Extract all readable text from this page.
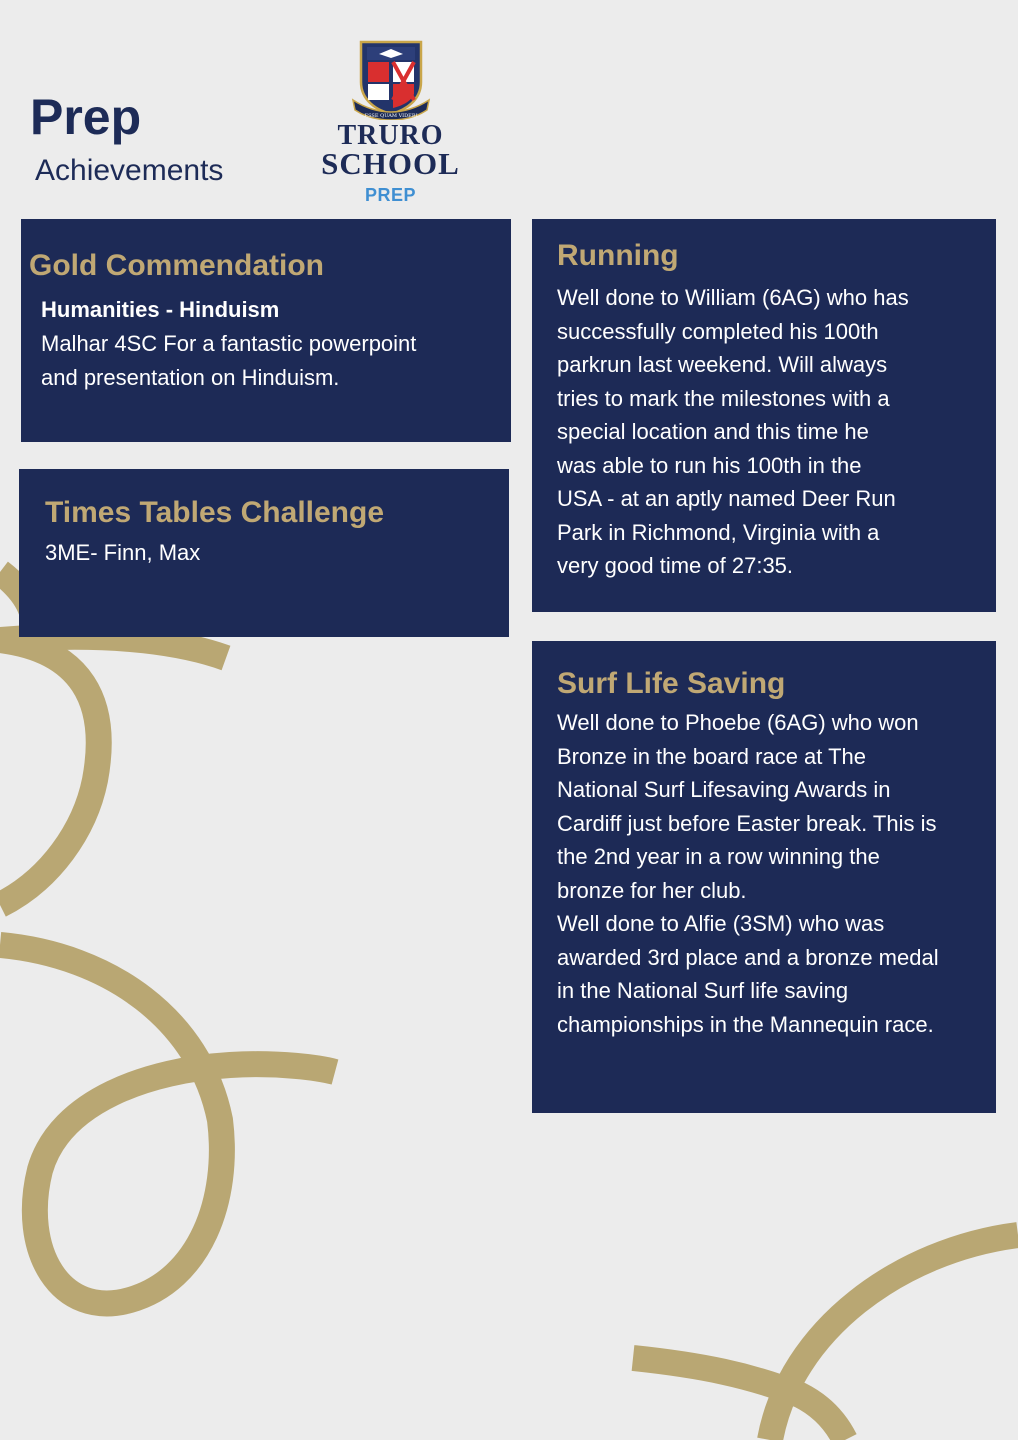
Prep
Achievements
ESSE QUAM VIDERI
TRURO
SCHOOL
PREP
Gold Commendation

Humanities - Hinduism

Malhar 4SC For a fantastic powerpoint
and presentation on Hinduism.

Times Tables Challenge

3ME- Finn, Max

Running

Well done to William (6AG) who has
successfully completed his 100th
parkrun last weekend. Will always
tries to mark the milestones with a
special location and this time he
was able to run his 100th in the
USA - at an aptly named Deer Run
Park in Richmond, Virginia with a
very good time of 27:35.

Surf Life Saving

Well done to Phoebe (6AG) who won
Bronze in the board race at The
National Surf Lifesaving Awards in
Cardiff just before Easter break. This is
the 2nd year in a row winning the
bronze for her club.
Well done to Alfie (3SM) who was
awarded 3rd place and a bronze medal
in the National Surf life saving
championships in the Mannequin race.
